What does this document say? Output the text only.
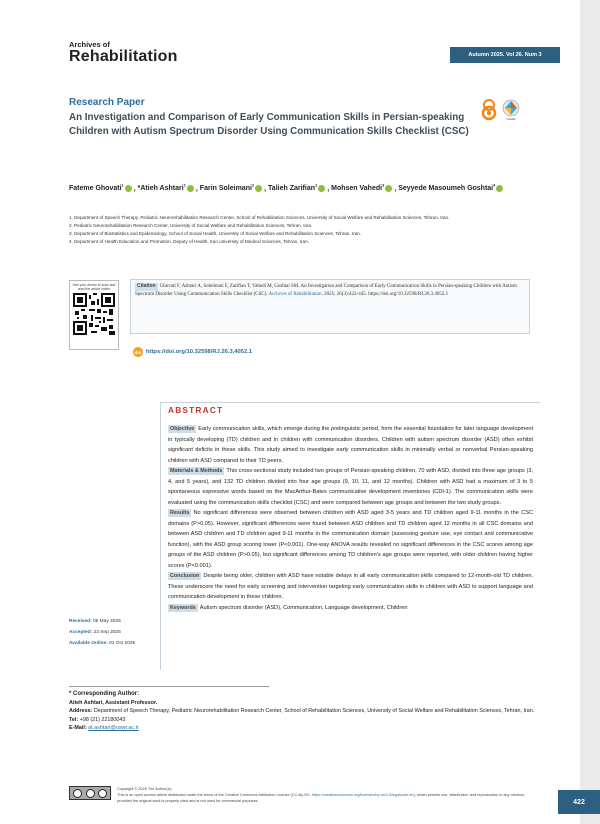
Archives of
Rehabilitation	Autumn 2025. Vol 26. Num 3
Research Paper
An Investigation and Comparison of Early Communication Skills in Persian-speaking Children with Autism Spectrum Disorder Using Communication Skills Checklist (CSC)
CrossMark
Fateme Ghovati$^1$ , *Atieh Ashtari$^1$ , Farin Soleimani$^2$ , Talieh Zarifian$^1$ , Mohsen Vahedi$^3$ , Seyyede Masoumeh Goshtai$^4$
1. Department of Speech Therapy, Pediatric Neurorehabilitation Research Center, School of Rehabilitation Sciences, University of Social Welfare and Rehabilitation Sciences, Tehran, Iran.
2. Pediatric Neurorehabilitation Research Center, University of Social Welfare and Rehabilitation Sciences, Tehran, Iran.
3. Department of Biostatistics and Epidemiology, School of Social Health, University of Social Welfare and Rehabilitation Sciences, Tehran, Iran.
4. Department of Health Education and Promotion, Deputy of Health, Iran university of Medical Sciences, Tehran, Iran.
Use your device to scan and read the article online	Citation Ghovati F, Ashtari A, Soleimani F, Zarifian T, Vahedi M, Goshtai SM. An Investigation and Comparison of Early Communication Skills in Persian-speaking Children with Autism Spectrum Disorder Using Communication Skills Checklist (CSC). Archives of Rehabilitation. 2025; 26(3):422-445. https://doi.org/10.32598/RJ.26.3.4052.1
doi https://doi.org/10.32598/RJ.26.3.4052.1
ABSTRACT

Objective Early communication skills, which emerge during the prelinguistic period, form the essential foundation for later language development in typically developing (TD) children and in children with communication disorders. Children with autism spectrum disorder (ASD) often exhibit significant deficits in these skills. This study aimed to investigate early communication skills in minimally verbal or nonverbal Persian-speaking children with ASD compared to their TD peers.

Materials & Methods This cross-sectional study included two groups of Persian-speaking children, 70 with ASD, divided into three age groups (3, 4, and 5 years), and 132 TD children divided into four age groups (9, 10, 11, and 12 months). Children with ASD had a maximum of 3 to 5 spontaneous expressive words based on the MacArthur-Bates communicative development inventories (CDI-1). The communication skills were evaluated using the communication skills checklist (CSC) and were compared between age groups and between the two study groups.

Results No significant differences were observed between children with ASD aged 3-5 years and TD children aged 9-11 months in the CSC domains (P>0.05). However, significant differences were found between ASD children and TD children aged 12 months in all CSC domains and between ASD children and TD children aged 9-11 months in the communication domain (assessing gesture use, eye contact and communicative function), with the ASD group scoring lower (P<0.001). One-way ANOVA results revealed no significant differences in the CSC scores among age groups of the ASD children (P>0.05), but significant differences among TD children's age groups were reported, with older children having higher scores (P<0.001).

Conclusion Despite being older, children with ASD have notable delays in all early communication skills compared to 12-month-old TD children. These underscore the need for early screening and intervention targeting early communication skills in children with ASD to support language and communication development in these children.

Keywords Autism spectrum disorder (ASD), Communication, Language development, Children

Received: 05 May 2025
Accepted: 23 Sep 2025
Available Online: 01 Oct 2025
* Corresponding Author:
Atieh Ashtari, Assistant Professor.
Address: Department of Speech Therapy, Pediatric Neurorehabilitation Research Center, School of Rehabilitation Sciences, University of Social Welfare and Rehabilitation Sciences, Tehran, Iran.
Tel: +98 (21) 22180043
E-Mail: at.ashtari@uswr.ac.ir
Copyright © 2025 The Author(s);
This is an open access article distributed under the terms of the Creative Commons Attribution License (CC-By-NC: https://creativecommons.org/licenses/by-nc/4.0/legalcode.en), which permits use, distribution, and reproduction in any medium, provided the original work is properly cited and is not used for commercial purposes.	422
